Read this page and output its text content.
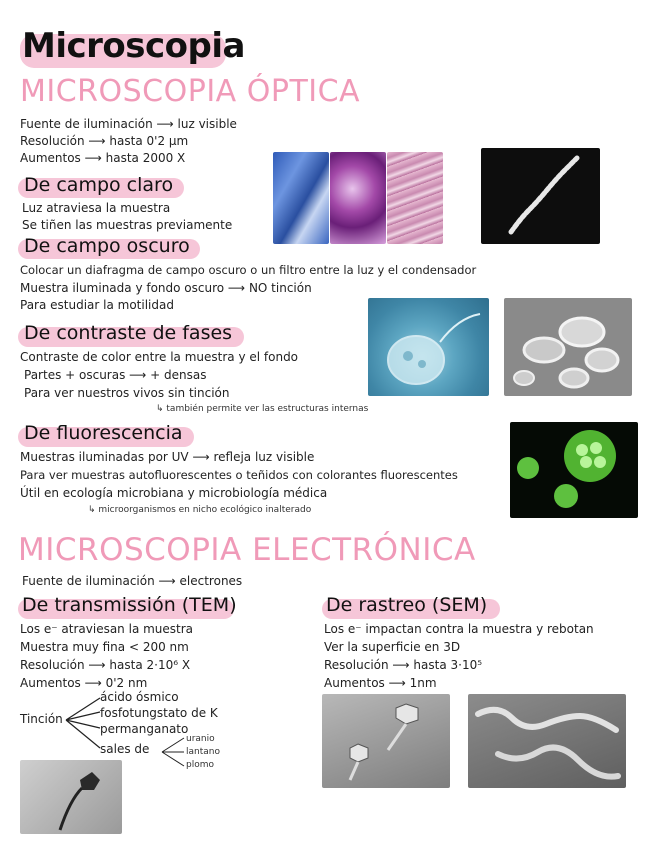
Microscopia
MICROSCOPIA ÓPTICA
Fuente de iluminación ⟶ luz visible
Resolución ⟶ hasta 0'2 μm
Aumentos ⟶ hasta 2000 X
De campo claro
Luz atraviesa la muestra
Se tiñen las muestras previamente
De campo oscuro
Colocar un diafragma de campo oscuro o un filtro entre la luz y el condensador
Muestra iluminada y fondo oscuro ⟶ NO tinción
Para estudiar la motilidad
De contraste de fases
Contraste de color entre la muestra y el fondo
Partes + oscuras ⟶ + densas
Para ver nuestros vivos sin tinción
↳ también permite ver las estructuras internas
De fluorescencia
Muestras iluminadas por UV ⟶ refleja luz visible
Para ver muestras autofluorescentes o teñidos con colorantes fluorescentes
Útil en ecología microbiana y microbiología médica
↳ microorganismos en nicho ecológico inalterado
MICROSCOPIA ELECTRÓNICA
Fuente de iluminación ⟶ electrones
De transmissión (TEM)
Los e⁻ atraviesan la muestra
Muestra muy fina < 200 nm
Resolución ⟶ hasta 2·10⁶ X
Aumentos ⟶ 0'2 nm
Tinción
ácido ósmico
fosfotungstato de K
permanganato
sales de
uranio
lantano
plomo
De rastreo (SEM)
Los e⁻ impactan contra la muestra y rebotan
Ver la superficie en 3D
Resolución ⟶ hasta 3·10⁵
Aumentos ⟶ 1nm
